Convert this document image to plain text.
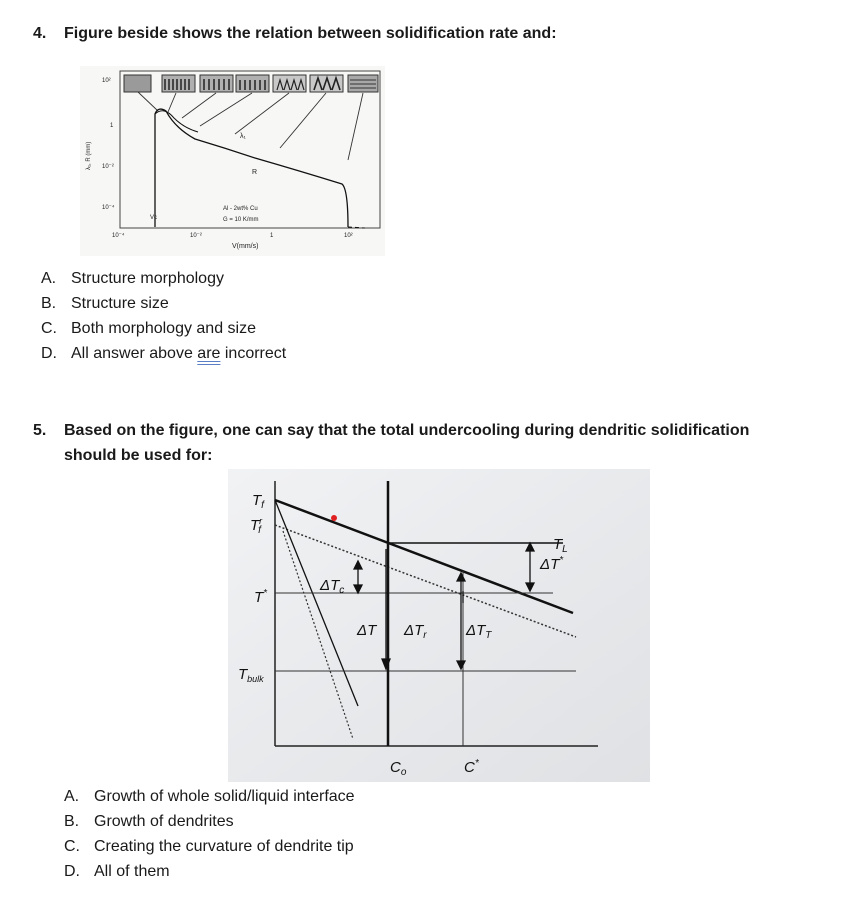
4. Figure beside shows the relation between solidification rate and:
10²
1
10⁻²
10⁻⁴
λ₁, R (mm)
10⁻⁴	10⁻²	1	10²
V(mm/s)
λ₁
R
Vc
Al - 2wt% Cu
G = 10 K/mm
A. Structure morphology
B. Structure size
C. Both morphology and size
D. All answer above are incorrect
5. Based on the figure, one can say that the total undercooling during dendritic solidification
should be used for:
$T_f$
$T^r$ f
T*
$T_{bulk}$
$\Delta T_c$
ΔT $\Delta T_r$	$\Delta T_T$
$T_L$
ΔT*
$C_o$	C*
A. Growth of whole solid/liquid interface
B. Growth of dendrites
C. Creating the curvature of dendrite tip
D. All of them
